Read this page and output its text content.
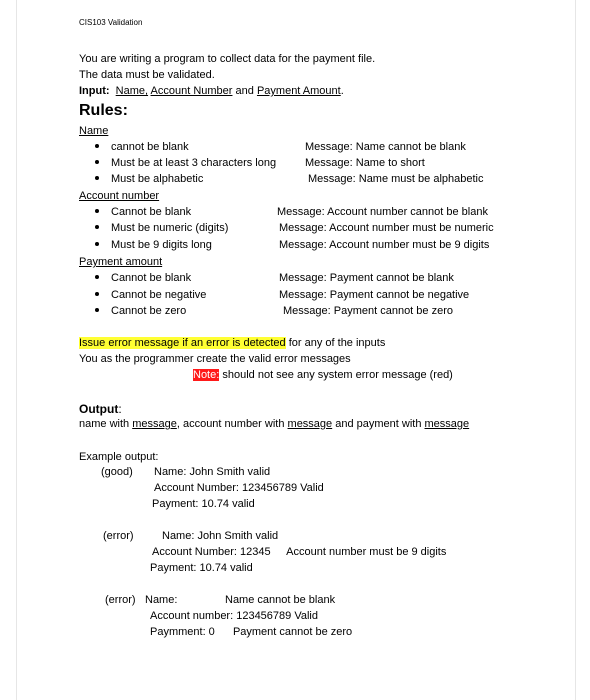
CIS103 Validation
You are writing a program to collect data for the payment file.
The data must be validated.
Input: Name, Account Number and Payment Amount.
Rules:
Name
cannot be blank	Message: Name cannot be blank
Must be at least 3 characters long	Message: Name to short
Must be alphabetic	Message: Name must be alphabetic
Account number
Cannot be blank	Message: Account number cannot be blank
Must be numeric (digits)	Message: Account number must be numeric
Must be 9 digits long	Message: Account number must be 9 digits
Payment amount
Cannot be blank	Message: Payment cannot be blank
Cannot be negative	Message: Payment cannot be negative
Cannot be zero	Message: Payment cannot be zero
Issue error message if an error is detected for any of the inputs
You as the programmer create the valid error messages
Note: should not see any system error message (red)
Output:
name with message, account number with message and payment with message
Example output:
(good) Name: John Smith valid
Account Number: 123456789 Valid
Payment: 10.74 valid
(error)	Name: John Smith valid
Account Number: 12345 Account number must be 9 digits
Payment: 10.74 valid
(error) Name:	Name cannot be blank
Account number: 123456789 Valid
Paymment: 0 Payment cannot be zero
